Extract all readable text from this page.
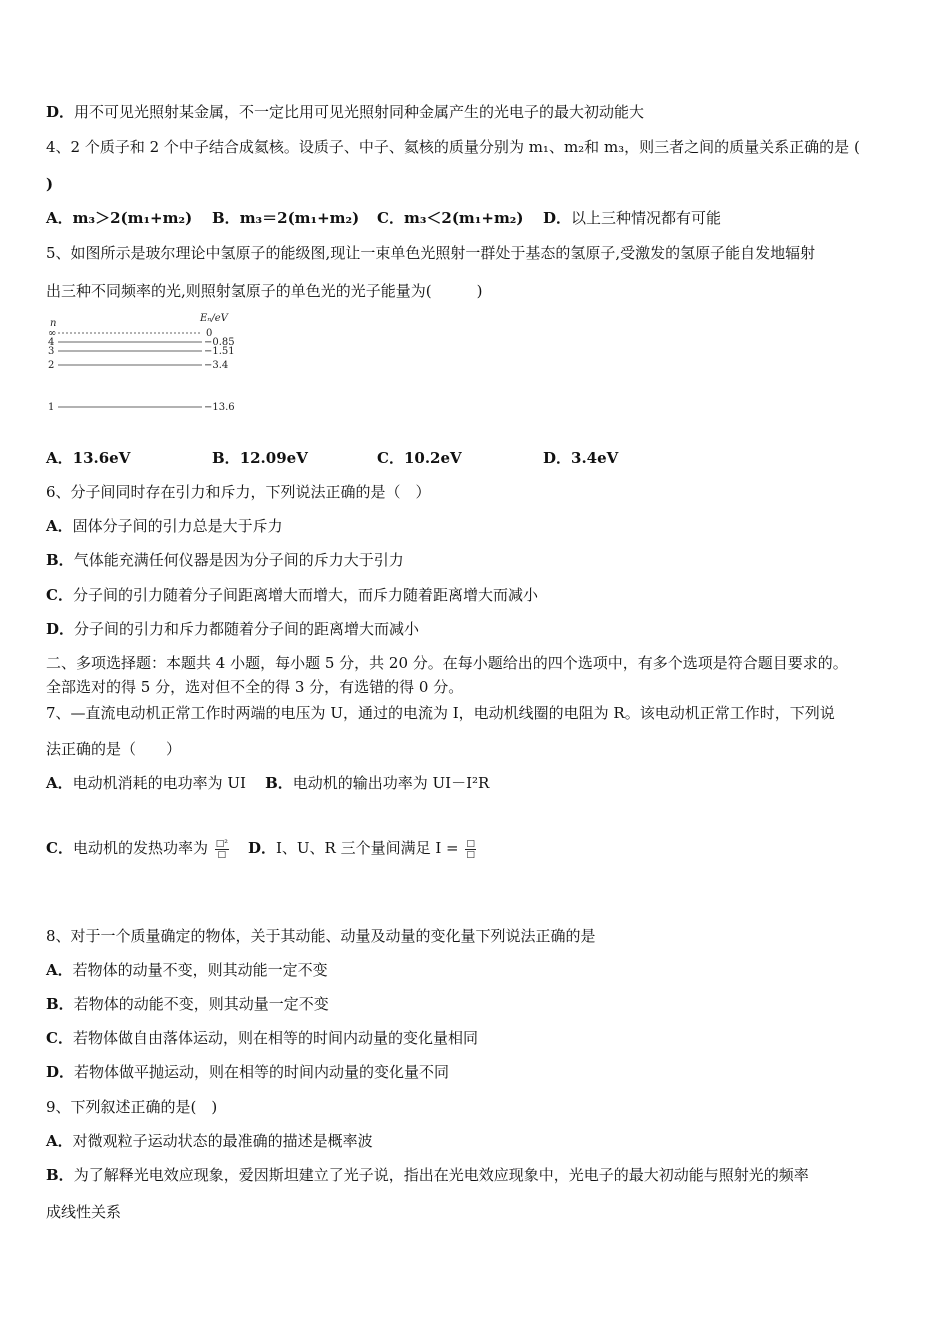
D．用不可见光照射某金属，不一定比用可见光照射同种金属产生的光电子的最大初动能大
4、2 个质子和 2 个中子结合成氦核。设质子、中子、氦核的质量分别为 m₁、m₂和 m₃，则三者之间的质量关系正确的是 (
)
A．m₃＞2(m₁+m₂) B．m₃＝2(m₁+m₂) C．m₃＜2(m₁+m₂) D．以上三种情况都有可能
5、如图所示是玻尔理论中氢原子的能级图,现让一束单色光照射一群处于基态的氢原子,受激发的氢原子能自发地辐射
出三种不同频率的光,则照射氢原子的单色光的光子能量为(　　　)
n	Eₙ/eV
∞	0
4	−0.85
3	−1.51
2	−3.4
1	−13.6
A．13.6eV	B．12.09eV	C．10.2eV	D．3.4eV
6、分子间同时存在引力和斥力，下列说法正确的是（　）
A．固体分子间的引力总是大于斥力
B．气体能充满任何仪器是因为分子间的斥力大于引力
C．分子间的引力随着分子间距离增大而增大，而斥力随着距离增大而减小
D．分子间的引力和斥力都随着分子间的距离增大而减小
二、多项选择题：本题共 4 小题，每小题 5 分，共 20 分。在每小题给出的四个选项中，有多个选项是符合题目要求的。
全部选对的得 5 分，选对但不全的得 3 分，有选错的得 0 分。
7、—直流电动机正常工作时两端的电压为 U，通过的电流为 I，电动机线圈的电阻为 R。该电动机正常工作时，下列说
法正确的是（　　）
A．电动机消耗的电功率为 UI B．电动机的输出功率为 UI－I²R
C．电动机的发热功率为 $\frac{\text{□²}}{□}$ D．I、U、R 三个量间满足 $I = \frac{□}{□}$
8、对于一个质量确定的物体，关于其动能、动量及动量的变化量下列说法正确的是
A．若物体的动量不变，则其动能一定不变
B．若物体的动能不变，则其动量一定不变
C．若物体做自由落体运动，则在相等的时间内动量的变化量相同
D．若物体做平抛运动，则在相等的时间内动量的变化量不同
9、下列叙述正确的是(　)
A．对微观粒子运动状态的最准确的描述是概率波
B．为了解释光电效应现象，爱因斯坦建立了光子说，指出在光电效应现象中，光电子的最大初动能与照射光的频率
成线性关系
